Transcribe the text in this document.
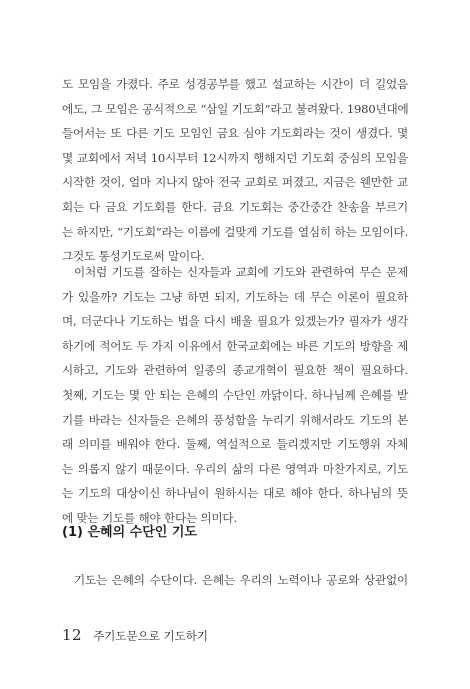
도 모임을 가졌다. 주로 성경공부를 했고 설교하는 시간이 더 길었음
에도, 그 모임은 공식적으로 “삼일 기도회”라고 불려왔다. 1980년대에
들어서는 또 다른 기도 모임인 금요 심야 기도회라는 것이 생겼다. 몇
몇 교회에서 저녁 10시부터 12시까지 행해지던 기도회 중심의 모임을
시작한 것이, 얼마 지나지 않아 전국 교회로 퍼졌고, 지금은 웬만한 교
회는 다 금요 기도회를 한다. 금요 기도회는 중간중간 찬송을 부르기
는 하지만, “기도회”라는 이름에 걸맞게 기도를 열심히 하는 모임이다.
그것도 통성기도로써 말이다.
이처럼 기도를 잘하는 신자들과 교회에 기도와 관련하여 무슨 문제
가 있을까? 기도는 그냥 하면 되지, 기도하는 데 무슨 이론이 필요하
며, 더군다나 기도하는 법을 다시 배울 필요가 있겠는가? 필자가 생각
하기에 적어도 두 가지 이유에서 한국교회에는 바른 기도의 방향을 제
시하고, 기도와 관련하여 일종의 종교개혁이 필요한 책이 필요하다.
첫째, 기도는 몇 안 되는 은혜의 수단인 까닭이다. 하나님께 은혜를 받
기를 바라는 신자들은 은혜의 풍성함을 누리기 위해서라도 기도의 본
래 의미를 배워야 한다. 둘째, 역설적으로 들리겠지만 기도행위 자체
는 의롭지 않기 때문이다. 우리의 삶의 다른 영역과 마찬가지로, 기도
는 기도의 대상이신 하나님이 원하시는 대로 해야 한다. 하나님의 뜻
에 맞는 기도를 해야 한다는 의미다.
(1) 은혜의 수단인 기도
기도는 은혜의 수단이다. 은혜는 우리의 노력이나 공로와 상관없이
12 주기도문으로 기도하기
